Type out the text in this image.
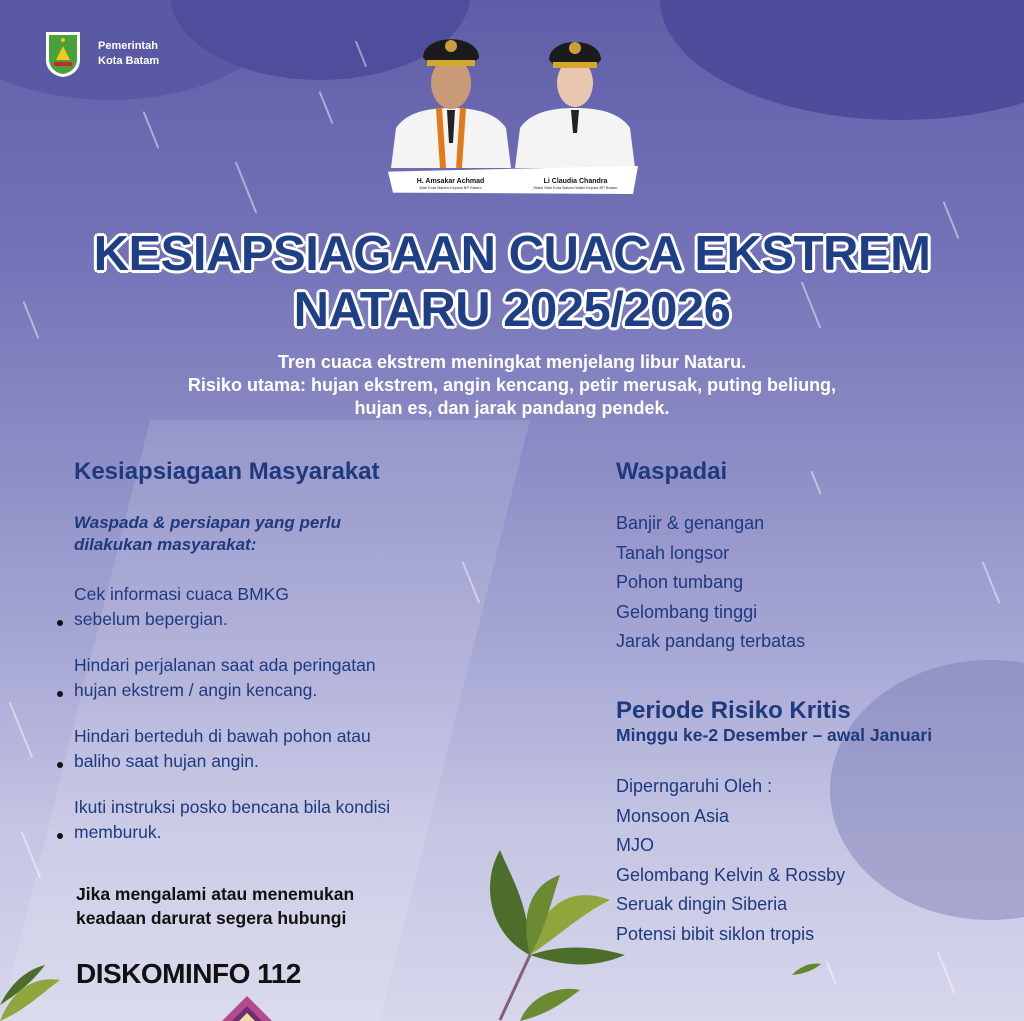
Pemerintah
Kota Batam
H. Amsakar Achmad
Wali Kota Batam-Kepala BP Batam
Li Claudia Chandra
Wakil Wali Kota Batam-Wakil Kepala BP Batam
KESIAPSIAGAAN CUACA EKSTREM
NATARU 2025/2026
Tren cuaca ekstrem meningkat menjelang libur Nataru.
Risiko utama: hujan ekstrem, angin kencang, petir merusak, puting beliung,
hujan es, dan jarak pandang pendek.
Kesiapsiagaan Masyarakat
Waspada & persiapan yang perlu
dilakukan masyarakat:
Cek informasi cuaca BMKG
sebelum bepergian.
Hindari perjalanan saat ada peringatan
hujan ekstrem / angin kencang.
Hindari berteduh di bawah pohon atau
baliho saat hujan angin.
Ikuti instruksi posko bencana bila kondisi
memburuk.
Jika mengalami atau menemukan
keadaan darurat segera hubungi
DISKOMINFO 112
Waspadai
Banjir & genangan
Tanah longsor
Pohon tumbang
Gelombang tinggi
Jarak pandang terbatas
Periode Risiko Kritis
Minggu ke-2 Desember – awal Januari
Diperngaruhi Oleh :
Monsoon Asia
MJO
Gelombang Kelvin & Rossby
Seruak dingin Siberia
Potensi bibit siklon tropis
